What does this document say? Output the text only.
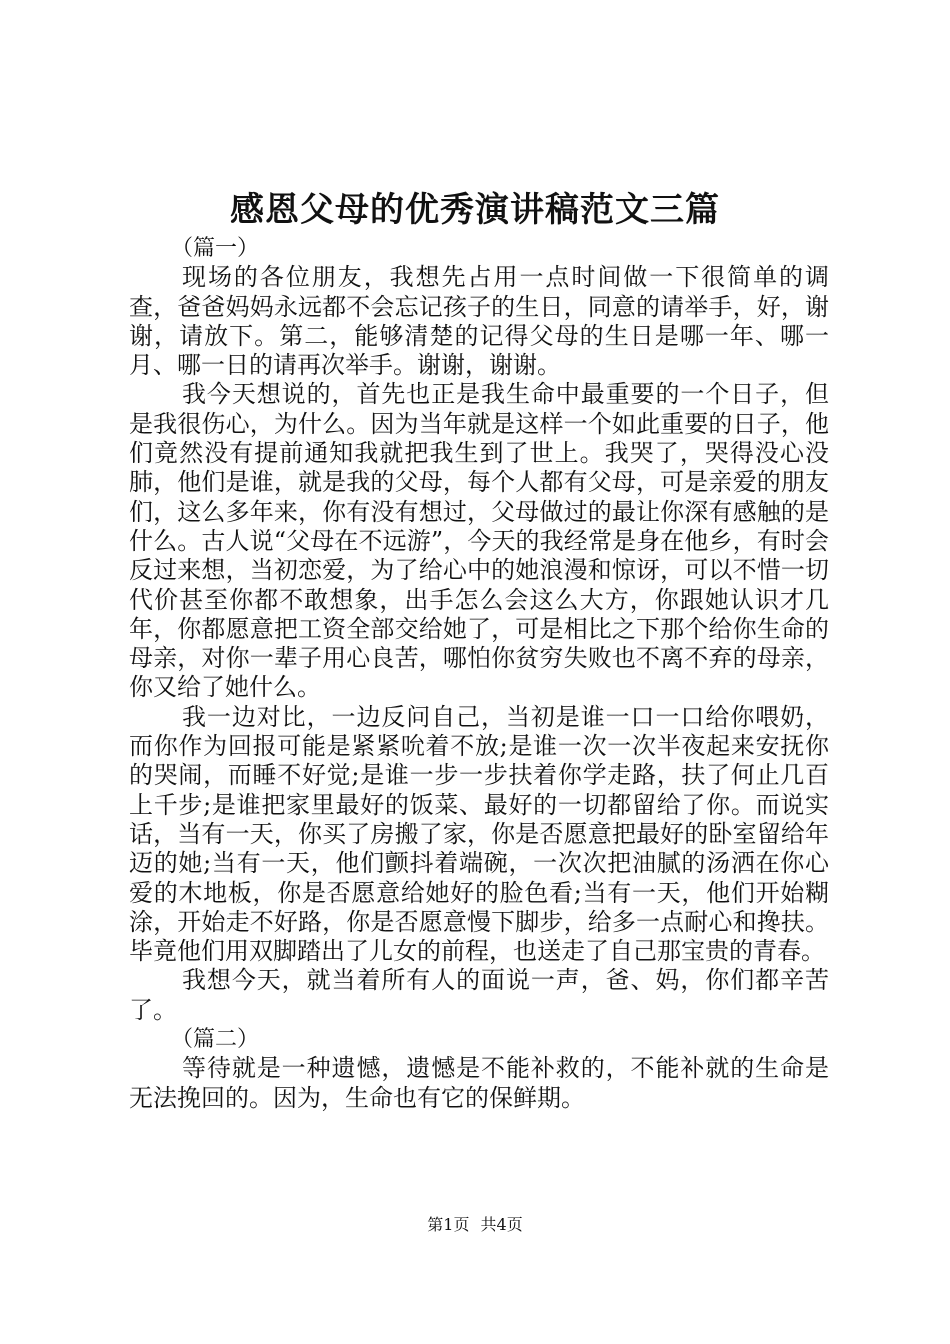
感恩父母的优秀演讲稿范文三篇

（篇一）

现场的各位朋友，我想先占用一点时间做一下很简单的调查，爸爸妈妈永远都不会忘记孩子的生日，同意的请举手，好，谢谢，请放下。第二，能够清楚的记得父母的生日是哪一年、哪一月、哪一日的请再次举手。谢谢，谢谢。

我今天想说的，首先也正是我生命中最重要的一个日子，但是我很伤心，为什么。因为当年就是这样一个如此重要的日子，他们竟然没有提前通知我就把我生到了世上。我哭了，哭得没心没肺，他们是谁，就是我的父母，每个人都有父母，可是亲爱的朋友们，这么多年来，你有没有想过，父母做过的最让你深有感触的是什么。古人说“父母在不远游”，今天的我经常是身在他乡，有时会反过来想，当初恋爱，为了给心中的她浪漫和惊讶，可以不惜一切代价甚至你都不敢想象，出手怎么会这么大方，你跟她认识才几年，你都愿意把工资全部交给她了，可是相比之下那个给你生命的母亲，对你一辈子用心良苦，哪怕你贫穷失败也不离不弃的母亲，你又给了她什么。

我一边对比，一边反问自己，当初是谁一口一口给你喂奶，而你作为回报可能是紧紧吮着不放;是谁一次一次半夜起来安抚你的哭闹，而睡不好觉;是谁一步一步扶着你学走路，扶了何止几百上千步;是谁把家里最好的饭菜、最好的一切都留给了你。而说实话，当有一天，你买了房搬了家，你是否愿意把最好的卧室留给年迈的她;当有一天，他们颤抖着端碗，一次次把油腻的汤洒在你心爱的木地板，你是否愿意给她好的脸色看;当有一天，他们开始糊涂，开始走不好路，你是否愿意慢下脚步，给多一点耐心和搀扶。毕竟他们用双脚踏出了儿女的前程，也送走了自己那宝贵的青春。

我想今天，就当着所有人的面说一声，爸、妈，你们都辛苦了。

（篇二）

等待就是一种遗憾，遗憾是不能补救的，不能补就的生命是无法挽回的。因为，生命也有它的保鲜期。

第1页 共4页
